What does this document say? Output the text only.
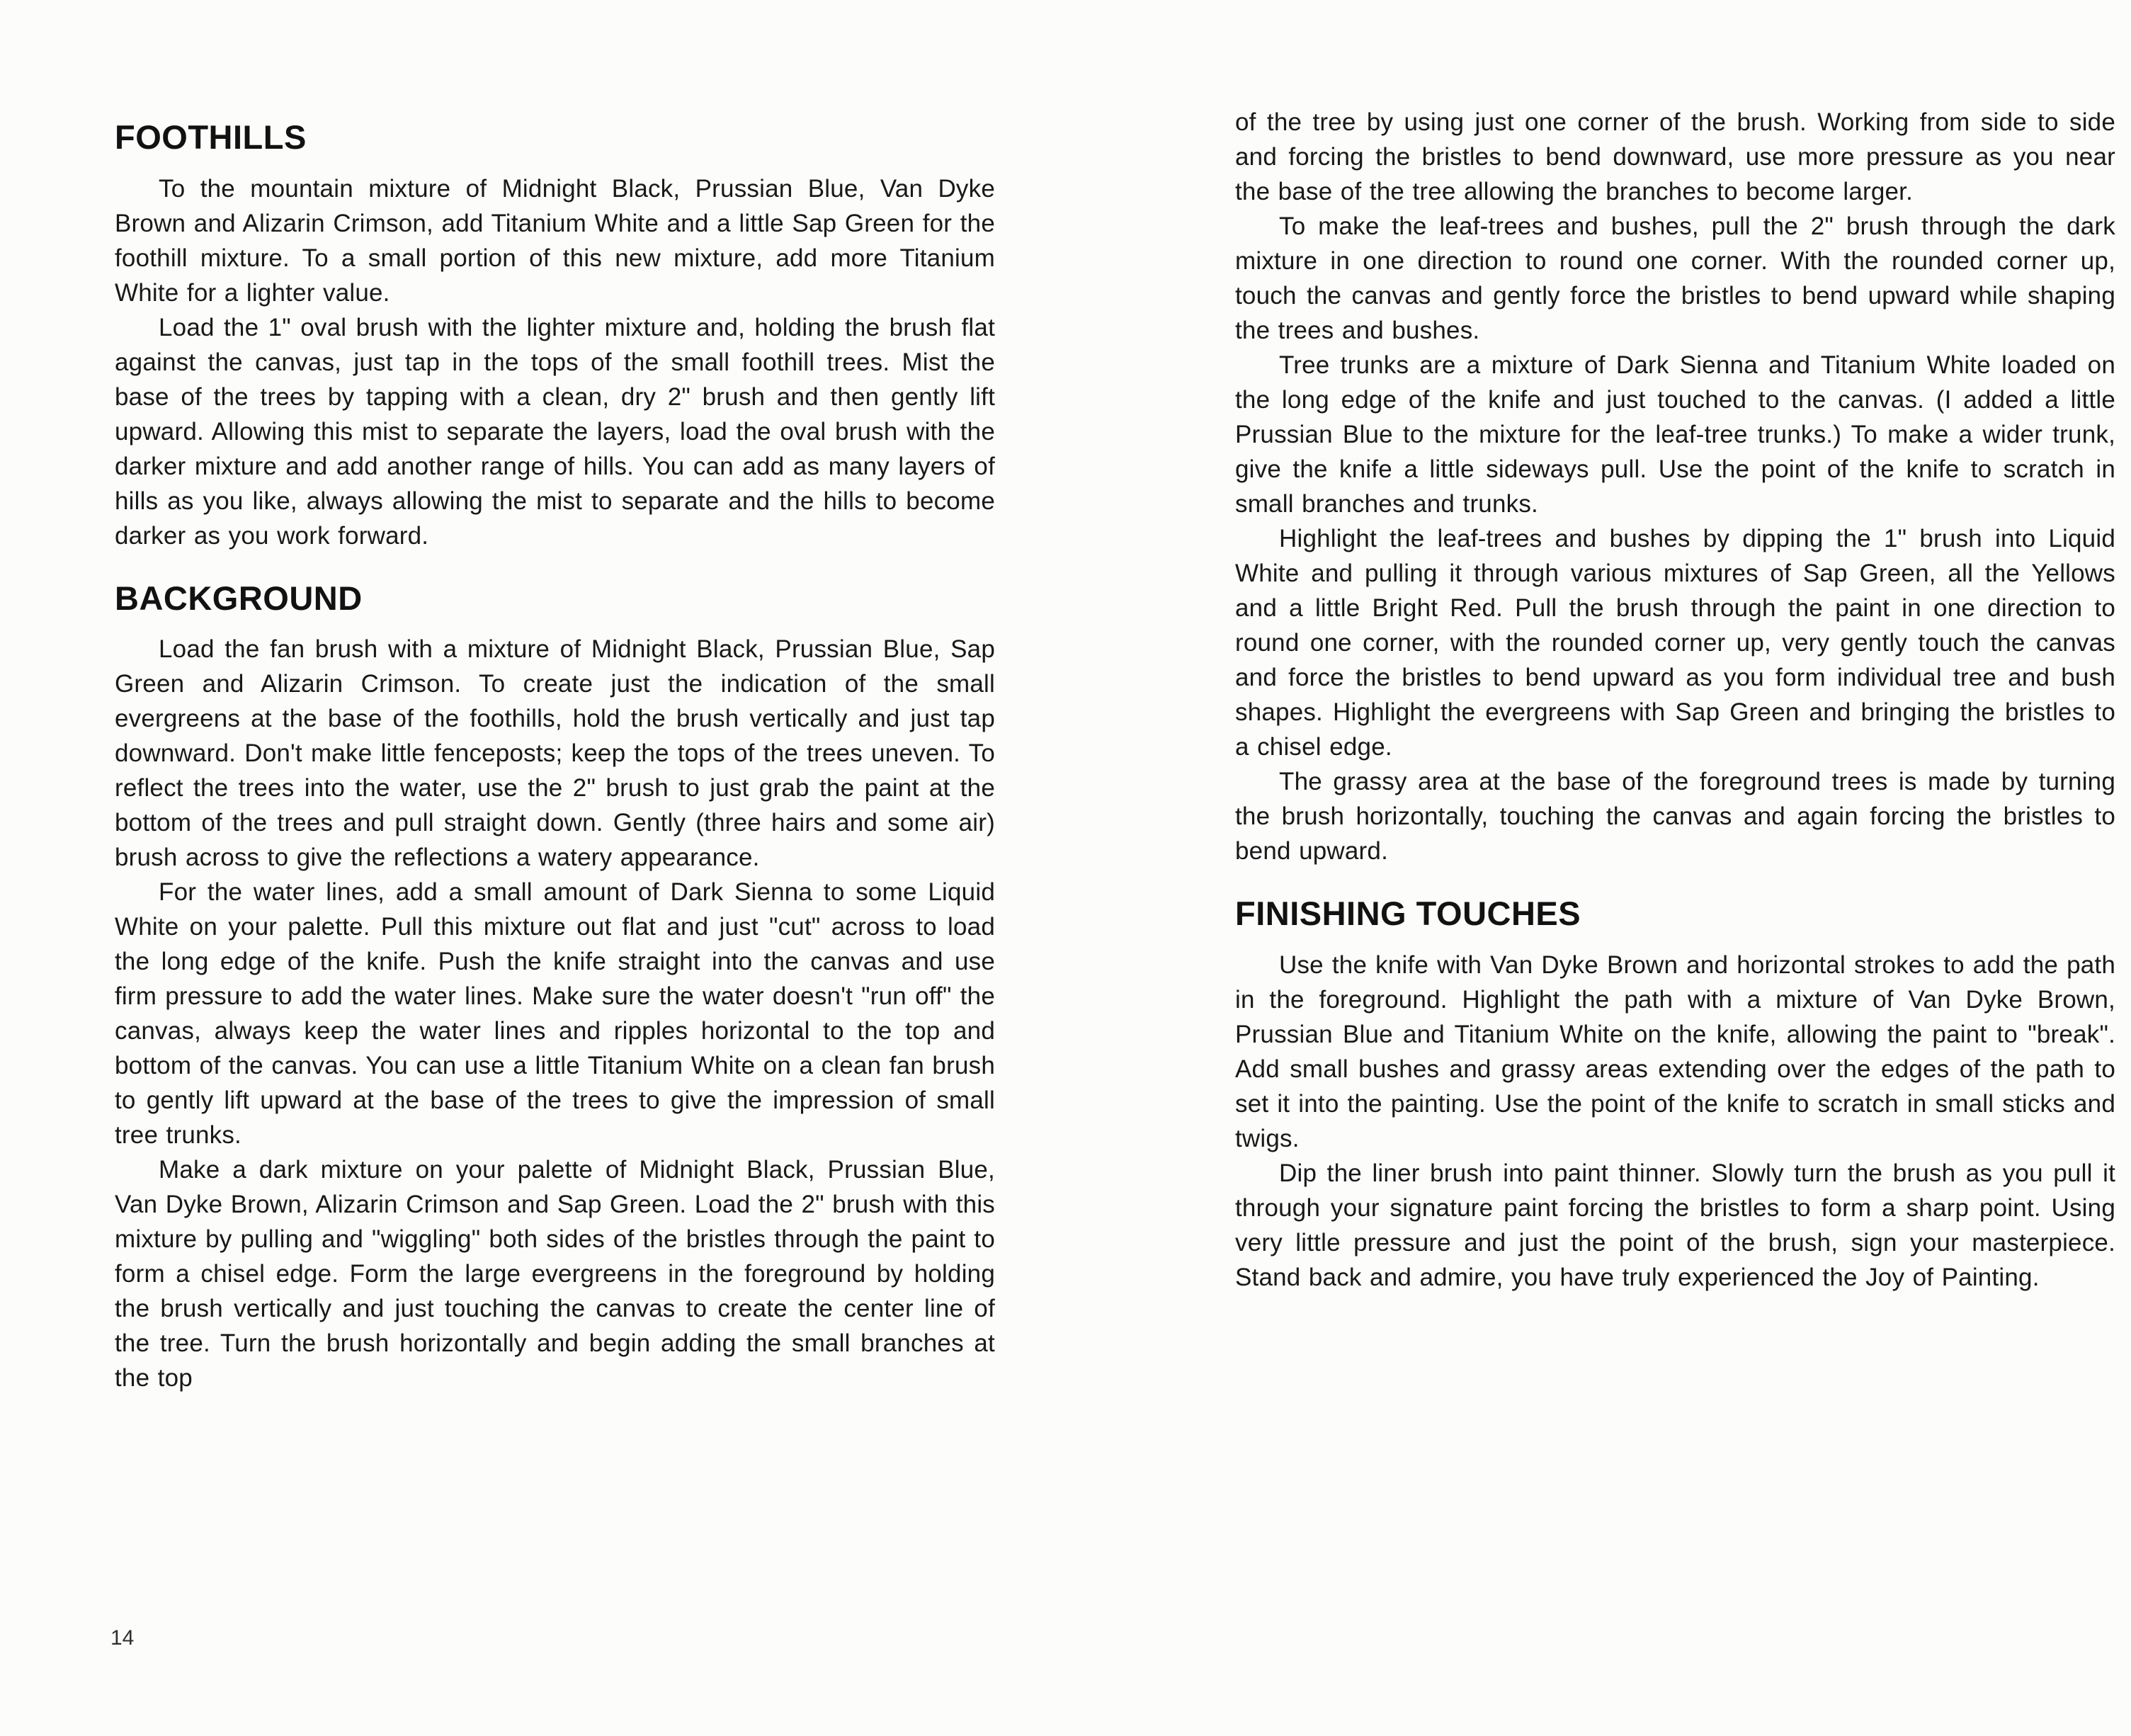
FOOTHILLS

To the mountain mixture of Midnight Black, Prussian Blue, Van Dyke Brown and Alizarin Crimson, add Titanium White and a little Sap Green for the foothill mixture. To a small portion of this new mixture, add more Titanium White for a lighter value.

Load the 1" oval brush with the lighter mixture and, holding the brush flat against the canvas, just tap in the tops of the small foothill trees. Mist the base of the trees by tapping with a clean, dry 2" brush and then gently lift upward. Allowing this mist to separate the layers, load the oval brush with the darker mixture and add another range of hills. You can add as many layers of hills as you like, always allowing the mist to separate and the hills to become darker as you work forward.

BACKGROUND

Load the fan brush with a mixture of Midnight Black, Prussian Blue, Sap Green and Alizarin Crimson. To create just the indication of the small evergreens at the base of the foothills, hold the brush vertically and just tap downward. Don't make little fenceposts; keep the tops of the trees uneven. To reflect the trees into the water, use the 2" brush to just grab the paint at the bottom of the trees and pull straight down. Gently (three hairs and some air) brush across to give the reflections a watery appearance.

For the water lines, add a small amount of Dark Sienna to some Liquid White on your palette. Pull this mixture out flat and just "cut" across to load the long edge of the knife. Push the knife straight into the canvas and use firm pressure to add the water lines. Make sure the water doesn't "run off" the canvas, always keep the water lines and ripples horizontal to the top and bottom of the canvas. You can use a little Titanium White on a clean fan brush to gently lift upward at the base of the trees to give the impression of small tree trunks.

Make a dark mixture on your palette of Midnight Black, Prussian Blue, Van Dyke Brown, Alizarin Crimson and Sap Green. Load the 2" brush with this mixture by pulling and "wiggling" both sides of the bristles through the paint to form a chisel edge. Form the large evergreens in the foreground by holding the brush vertically and just touching the canvas to create the center line of the tree. Turn the brush horizontally and begin adding the small branches at the top

of the tree by using just one corner of the brush. Working from side to side and forcing the bristles to bend downward, use more pressure as you near the base of the tree allowing the branches to become larger.

To make the leaf-trees and bushes, pull the 2" brush through the dark mixture in one direction to round one corner. With the rounded corner up, touch the canvas and gently force the bristles to bend upward while shaping the trees and bushes.

Tree trunks are a mixture of Dark Sienna and Titanium White loaded on the long edge of the knife and just touched to the canvas. (I added a little Prussian Blue to the mixture for the leaf-tree trunks.) To make a wider trunk, give the knife a little sideways pull. Use the point of the knife to scratch in small branches and trunks.

Highlight the leaf-trees and bushes by dipping the 1" brush into Liquid White and pulling it through various mixtures of Sap Green, all the Yellows and a little Bright Red. Pull the brush through the paint in one direction to round one corner, with the rounded corner up, very gently touch the canvas and force the bristles to bend upward as you form individual tree and bush shapes. Highlight the evergreens with Sap Green and bringing the bristles to a chisel edge.

The grassy area at the base of the foreground trees is made by turning the brush horizontally, touching the canvas and again forcing the bristles to bend upward.

FINISHING TOUCHES

Use the knife with Van Dyke Brown and horizontal strokes to add the path in the foreground. Highlight the path with a mixture of Van Dyke Brown, Prussian Blue and Titanium White on the knife, allowing the paint to "break". Add small bushes and grassy areas extending over the edges of the path to set it into the painting. Use the point of the knife to scratch in small sticks and twigs.

Dip the liner brush into paint thinner. Slowly turn the brush as you pull it through your signature paint forcing the bristles to form a sharp point. Using very little pressure and just the point of the brush, sign your masterpiece. Stand back and admire, you have truly experienced the Joy of Painting.

14
